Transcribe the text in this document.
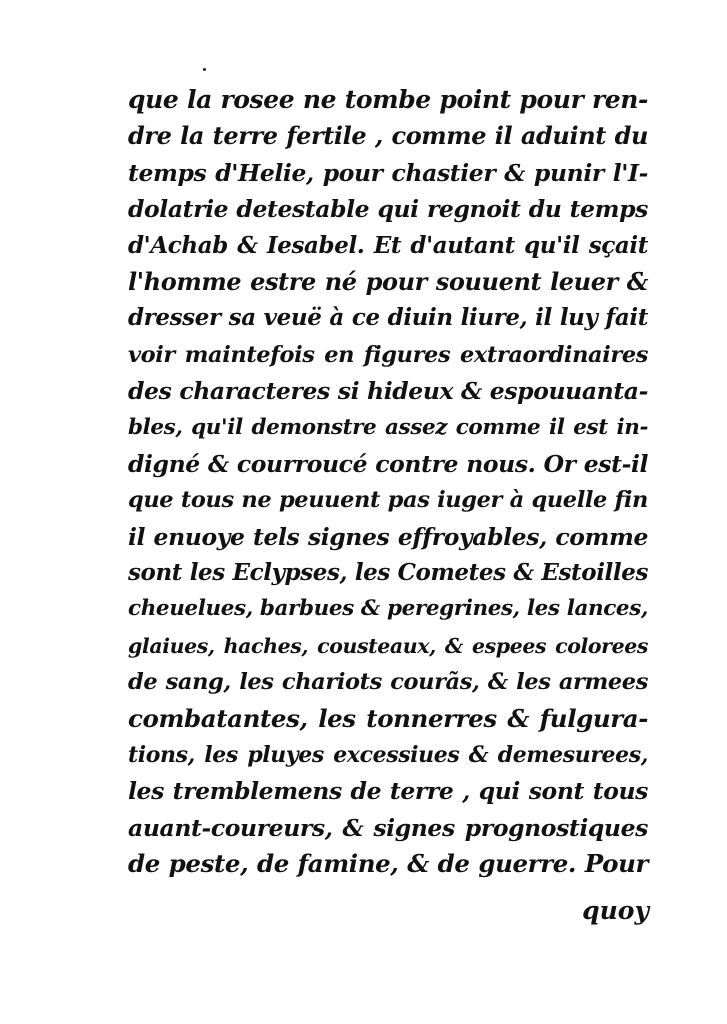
que la rosee ne tombe point pour ren-
dre la terre fertile , comme il aduint du
temps d'Helie, pour chastier & punir l'I-
dolatrie detestable qui regnoit du temps
d'Achab & Iesabel. Et d'autant qu'il sçait
l'homme estre né pour souuent leuer &
dresser sa veuë à ce diuin liure, il luy fait
voir maintefois en figures extraordinaires
des characteres si hideux & espouuanta-
bles, qu'il demonstre assez comme il est in-
digné & courroucé contre nous. Or est-il
que tous ne peuuent pas iuger à quelle fin
il enuoye tels signes effroyables, comme
sont les Eclypses, les Cometes & Estoilles
cheuelues, barbues & peregrines, les lances,
glaiues, haches, cousteaux, & espees colorees
de sang, les chariots courãs, & les armees
combatantes, les tonnerres & fulgura-
tions, les pluyes excessiues & demesurees,
les tremblemens de terre , qui sont tous
auant-coureurs, & signes prognostiques
de peste, de famine, & de guerre. Pour
quoy
